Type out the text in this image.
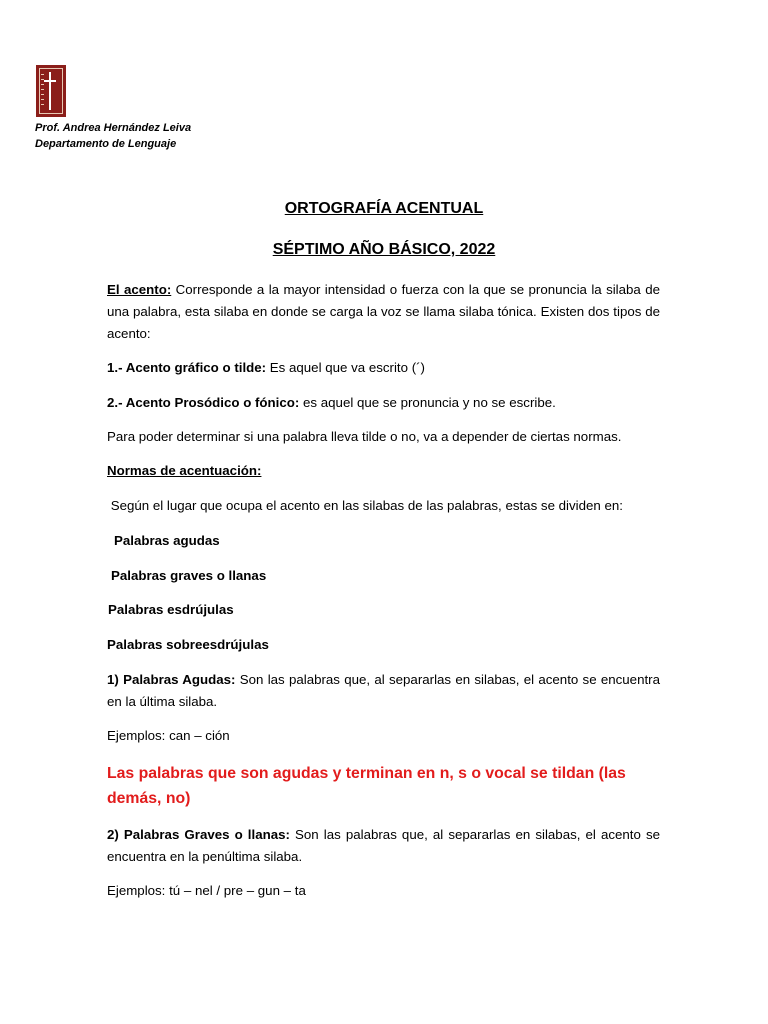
Prof. Andrea Hernández Leiva
Departamento de Lenguaje
ORTOGRAFÍA ACENTUAL
SÉPTIMO AÑO BÁSICO, 2022

El acento: Corresponde a la mayor intensidad o fuerza con la que se pronuncia la silaba de una palabra, esta silaba en donde se carga la voz se llama silaba tónica. Existen dos tipos de acento:

1.- Acento gráfico o tilde: Es aquel que va escrito (´)

2.- Acento Prosódico o fónico: es aquel que se pronuncia y no se escribe.

Para poder determinar si una palabra lleva tilde o no, va a depender de ciertas normas.
Normas de acentuación:
Según el lugar que ocupa el acento en las silabas de las palabras, estas se dividen en:
Palabras agudas
Palabras graves o llanas
Palabras esdrújulas
Palabras sobreesdrújulas

1) Palabras Agudas: Son las palabras que, al separarlas en silabas, el acento se encuentra en la última silaba.

Ejemplos: can – ción
Las palabras que son agudas y terminan en n, s o vocal se tildan (las demás, no)

2) Palabras Graves o llanas: Son las palabras que, al separarlas en silabas, el acento se encuentra en la penúltima silaba.

Ejemplos: tú – nel / pre – gun – ta
